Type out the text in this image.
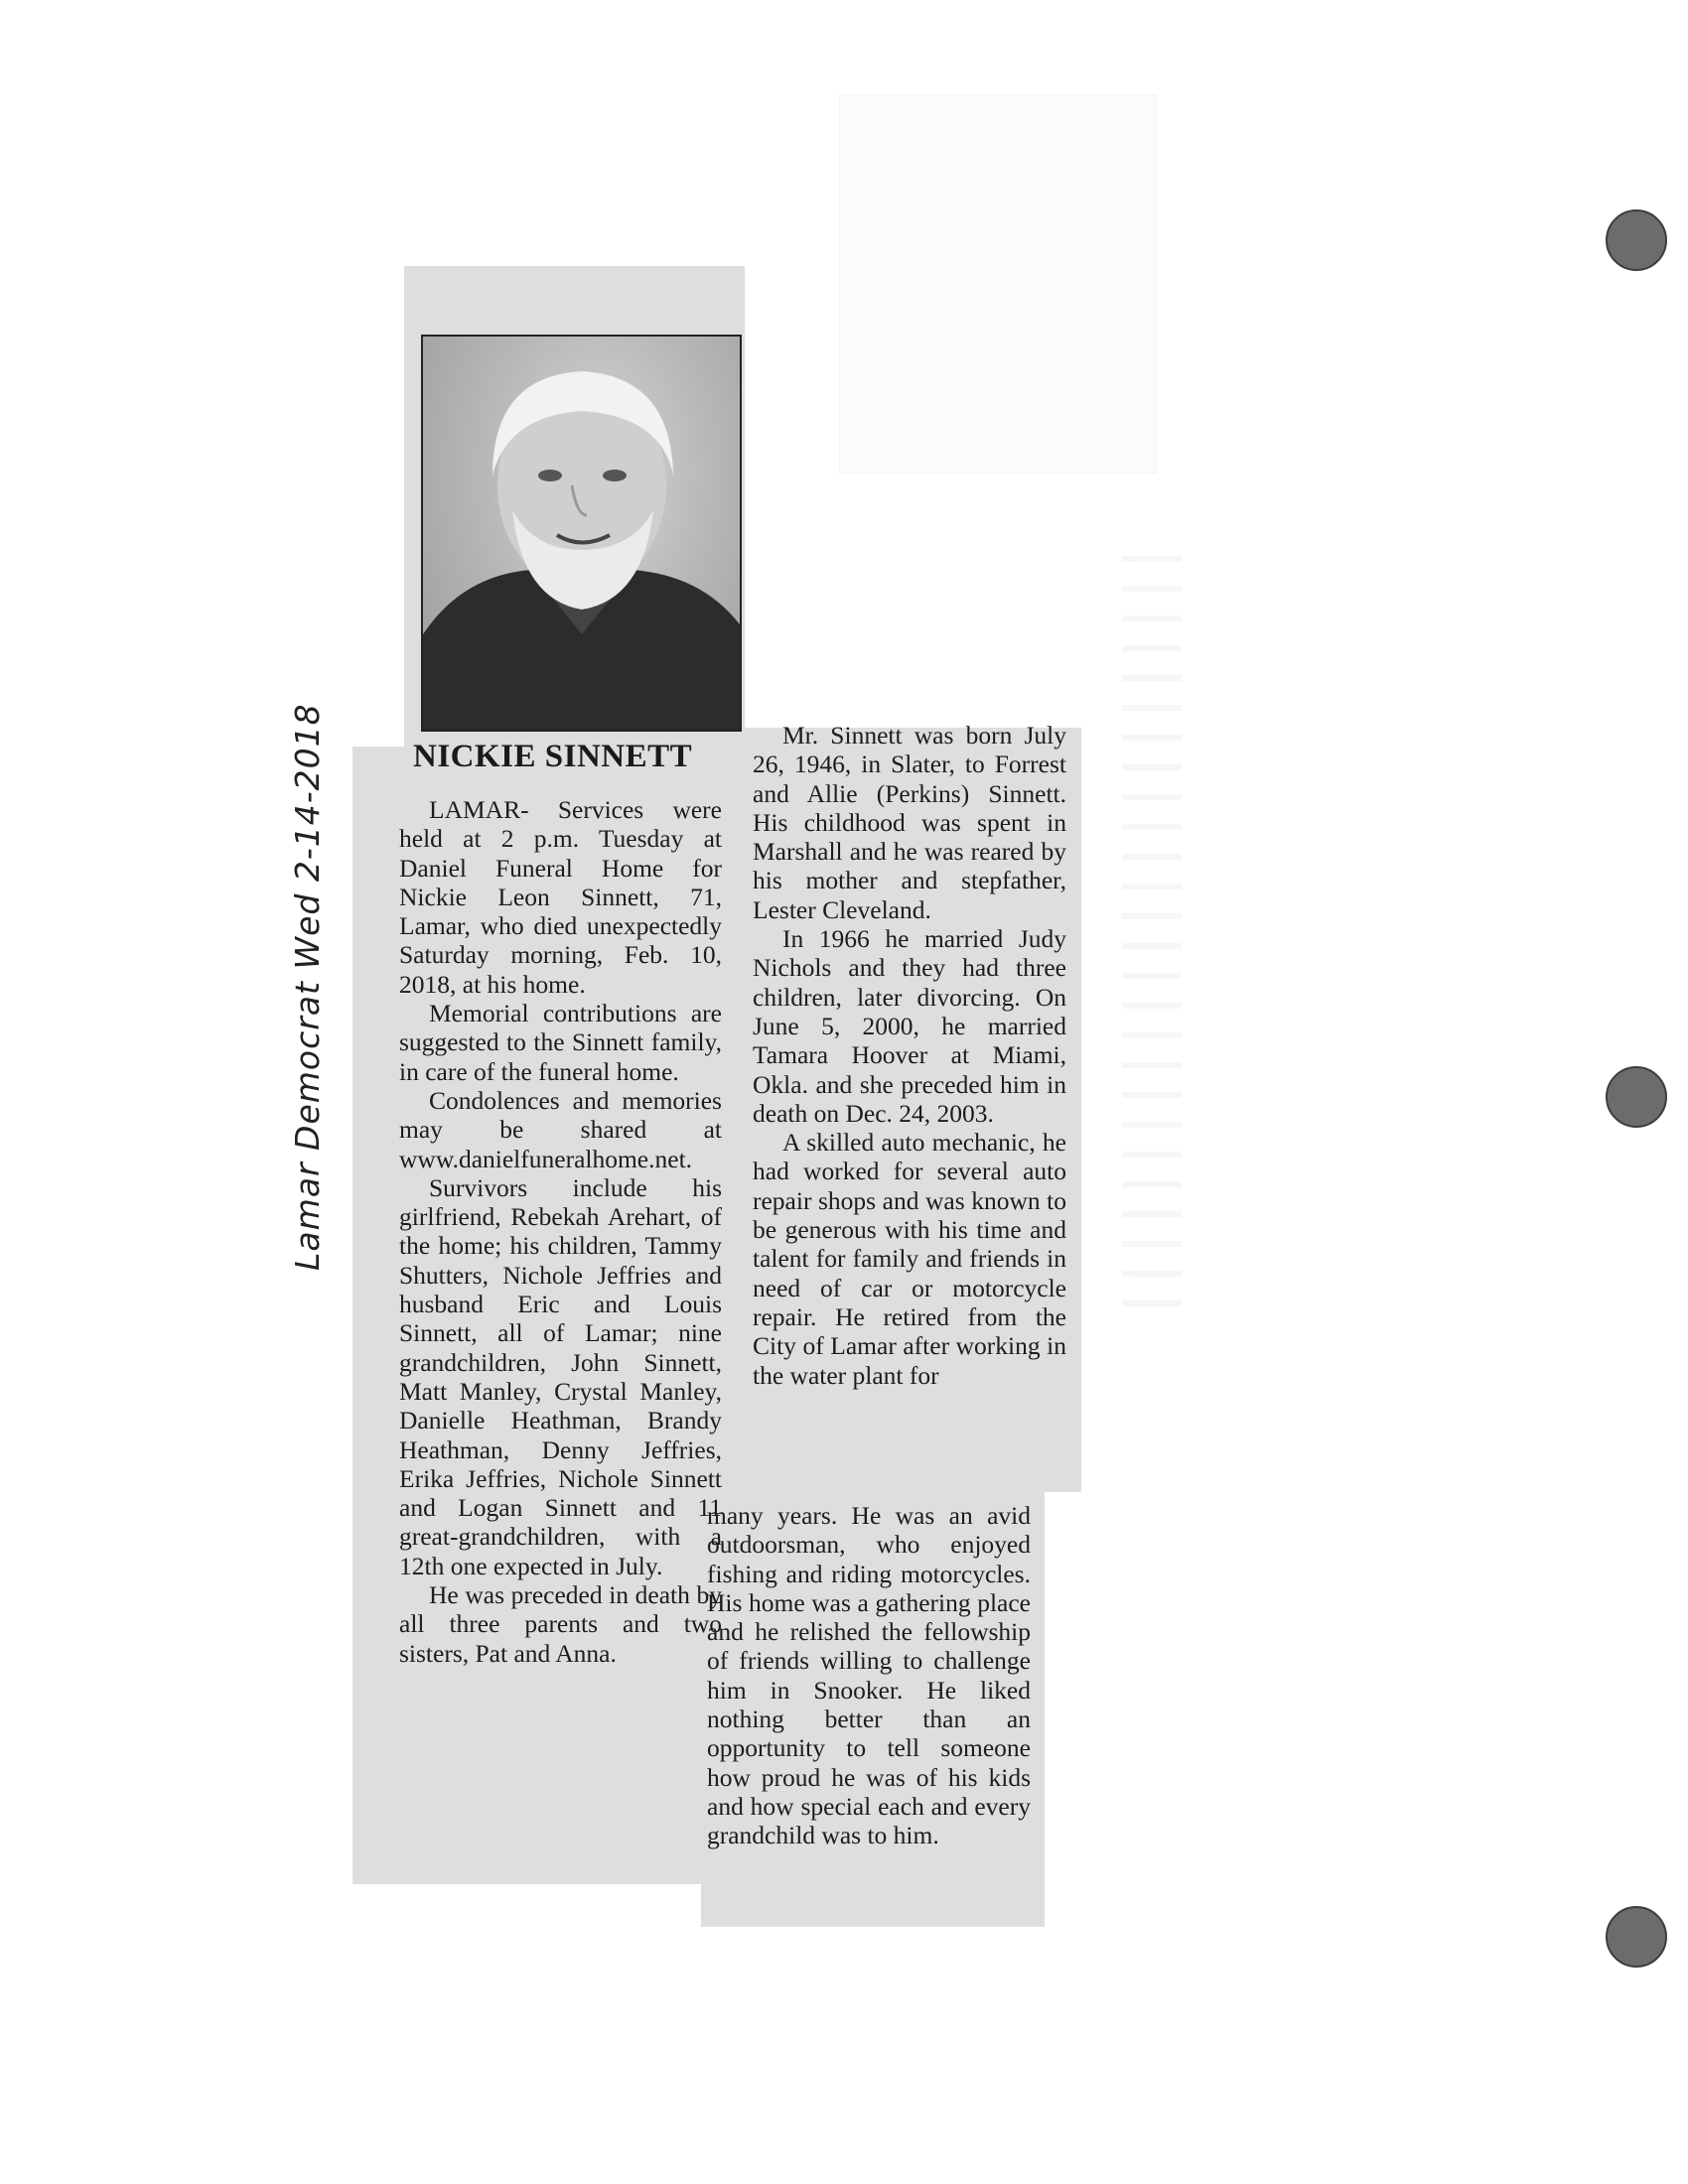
NICKIE SINNETT

LAMAR- Services were held at 2 p.m. Tuesday at Daniel Funeral Home for Nickie Leon Sinnett, 71, Lamar, who died unexpectedly Saturday morning, Feb. 10, 2018, at his home.

Memorial contributions are suggested to the Sinnett family, in care of the funeral home.

Condolences and memories may be shared at www.danielfuneralhome.net.

Survivors include his girlfriend, Rebekah Arehart, of the home; his children, Tammy Shutters, Nichole Jeffries and husband Eric and Louis Sinnett, all of Lamar; nine grandchildren, John Sinnett, Matt Manley, Crystal Manley, Danielle Heathman, Brandy Heathman, Denny Jeffries, Erika Jeffries, Nichole Sinnett and Logan Sinnett and 11 great-grandchildren, with a 12th one expected in July.

He was preceded in death by all three parents and two sisters, Pat and Anna.

Mr. Sinnett was born July 26, 1946, in Slater, to Forrest and Allie (Perkins) Sinnett. His childhood was spent in Marshall and he was reared by his mother and stepfather, Lester Cleveland.

In 1966 he married Judy Nichols and they had three children, later divorcing. On June 5, 2000, he married Tamara Hoover at Miami, Okla. and she preceded him in death on Dec. 24, 2003.

A skilled auto mechanic, he had worked for several auto repair shops and was known to be generous with his time and talent for family and friends in need of car or motorcycle repair. He retired from the City of Lamar after working in the water plant for

many years. He was an avid outdoorsman, who enjoyed fishing and riding motorcycles. His home was a gathering place and he relished the fellowship of friends willing to challenge him in Snooker. He liked nothing better than an opportunity to tell someone how proud he was of his kids and how special each and every grandchild was to him.

Lamar Democrat Wed 2-14-2018
